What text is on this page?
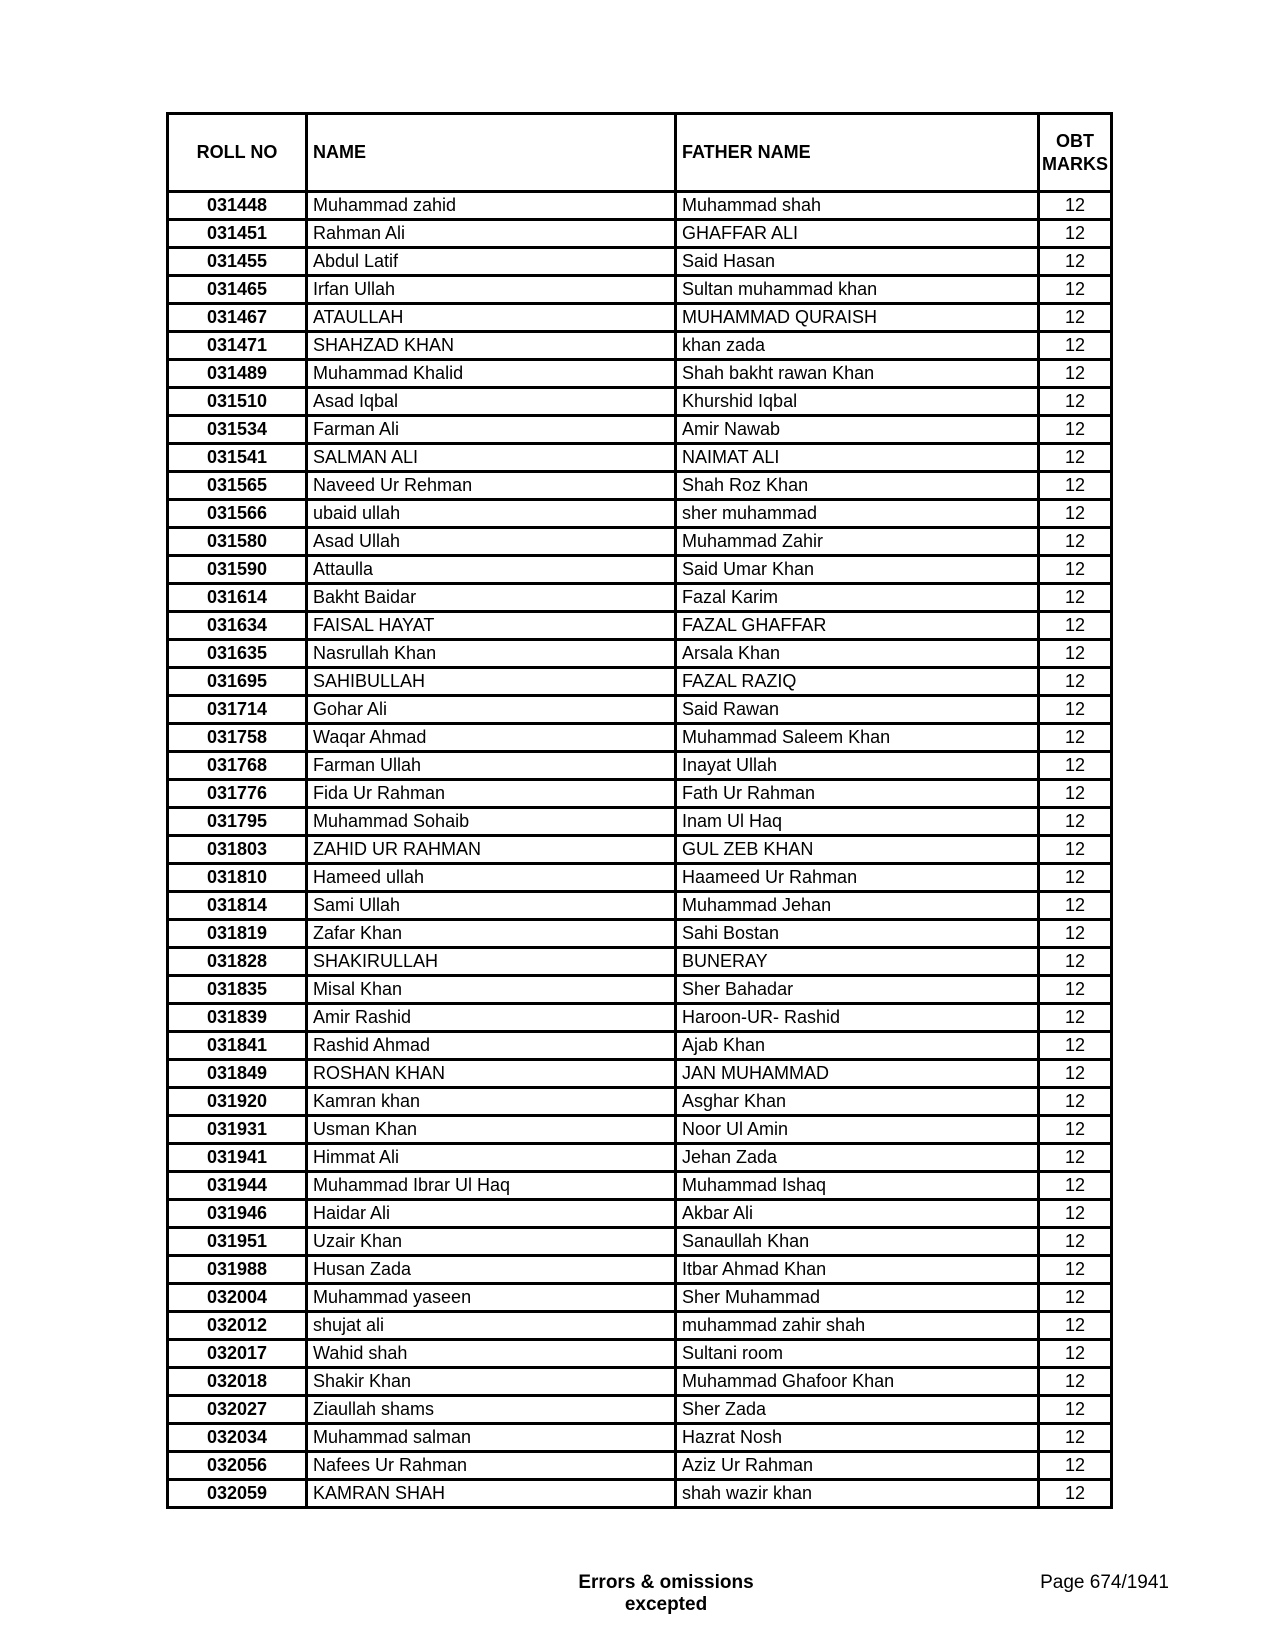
ROLL NO	NAME	FATHER NAME	OBT MARKS
031448	Muhammad zahid	Muhammad shah	12
031451	Rahman Ali	GHAFFAR ALI	12
031455	Abdul Latif	Said Hasan	12
031465	Irfan Ullah	Sultan muhammad khan	12
031467	ATAULLAH	MUHAMMAD QURAISH	12
031471	SHAHZAD KHAN	khan zada	12
031489	Muhammad Khalid	Shah bakht rawan Khan	12
031510	Asad Iqbal	Khurshid Iqbal	12
031534	Farman Ali	Amir Nawab	12
031541	SALMAN ALI	NAIMAT ALI	12
031565	Naveed Ur Rehman	Shah Roz Khan	12
031566	ubaid ullah	sher muhammad	12
031580	Asad Ullah	Muhammad Zahir	12
031590	Attaulla	Said Umar Khan	12
031614	Bakht Baidar	Fazal Karim	12
031634	FAISAL HAYAT	FAZAL GHAFFAR	12
031635	Nasrullah Khan	Arsala Khan	12
031695	SAHIBULLAH	FAZAL RAZIQ	12
031714	Gohar Ali	Said Rawan	12
031758	Waqar Ahmad	Muhammad Saleem Khan	12
031768	Farman Ullah	Inayat Ullah	12
031776	Fida Ur Rahman	Fath Ur Rahman	12
031795	Muhammad Sohaib	Inam Ul Haq	12
031803	ZAHID UR RAHMAN	GUL ZEB KHAN	12
031810	Hameed ullah	Haameed Ur Rahman	12
031814	Sami Ullah	Muhammad Jehan	12
031819	Zafar Khan	Sahi Bostan	12
031828	SHAKIRULLAH	BUNERAY	12
031835	Misal Khan	Sher Bahadar	12
031839	Amir Rashid	Haroon-UR- Rashid	12
031841	Rashid Ahmad	Ajab Khan	12
031849	ROSHAN KHAN	JAN MUHAMMAD	12
031920	Kamran khan	Asghar Khan	12
031931	Usman Khan	Noor Ul Amin	12
031941	Himmat Ali	Jehan Zada	12
031944	Muhammad Ibrar Ul Haq	Muhammad Ishaq	12
031946	Haidar Ali	Akbar Ali	12
031951	Uzair Khan	Sanaullah Khan	12
031988	Husan Zada	Itbar Ahmad Khan	12
032004	Muhammad yaseen	Sher Muhammad	12
032012	shujat ali	muhammad zahir shah	12
032017	Wahid shah	Sultani room	12
032018	Shakir Khan	Muhammad Ghafoor Khan	12
032027	Ziaullah shams	Sher Zada	12
032034	Muhammad salman	Hazrat Nosh	12
032056	Nafees Ur Rahman	Aziz Ur Rahman	12
032059	KAMRAN SHAH	shah wazir khan	12
Errors & omissions excepted
Page 674/1941
